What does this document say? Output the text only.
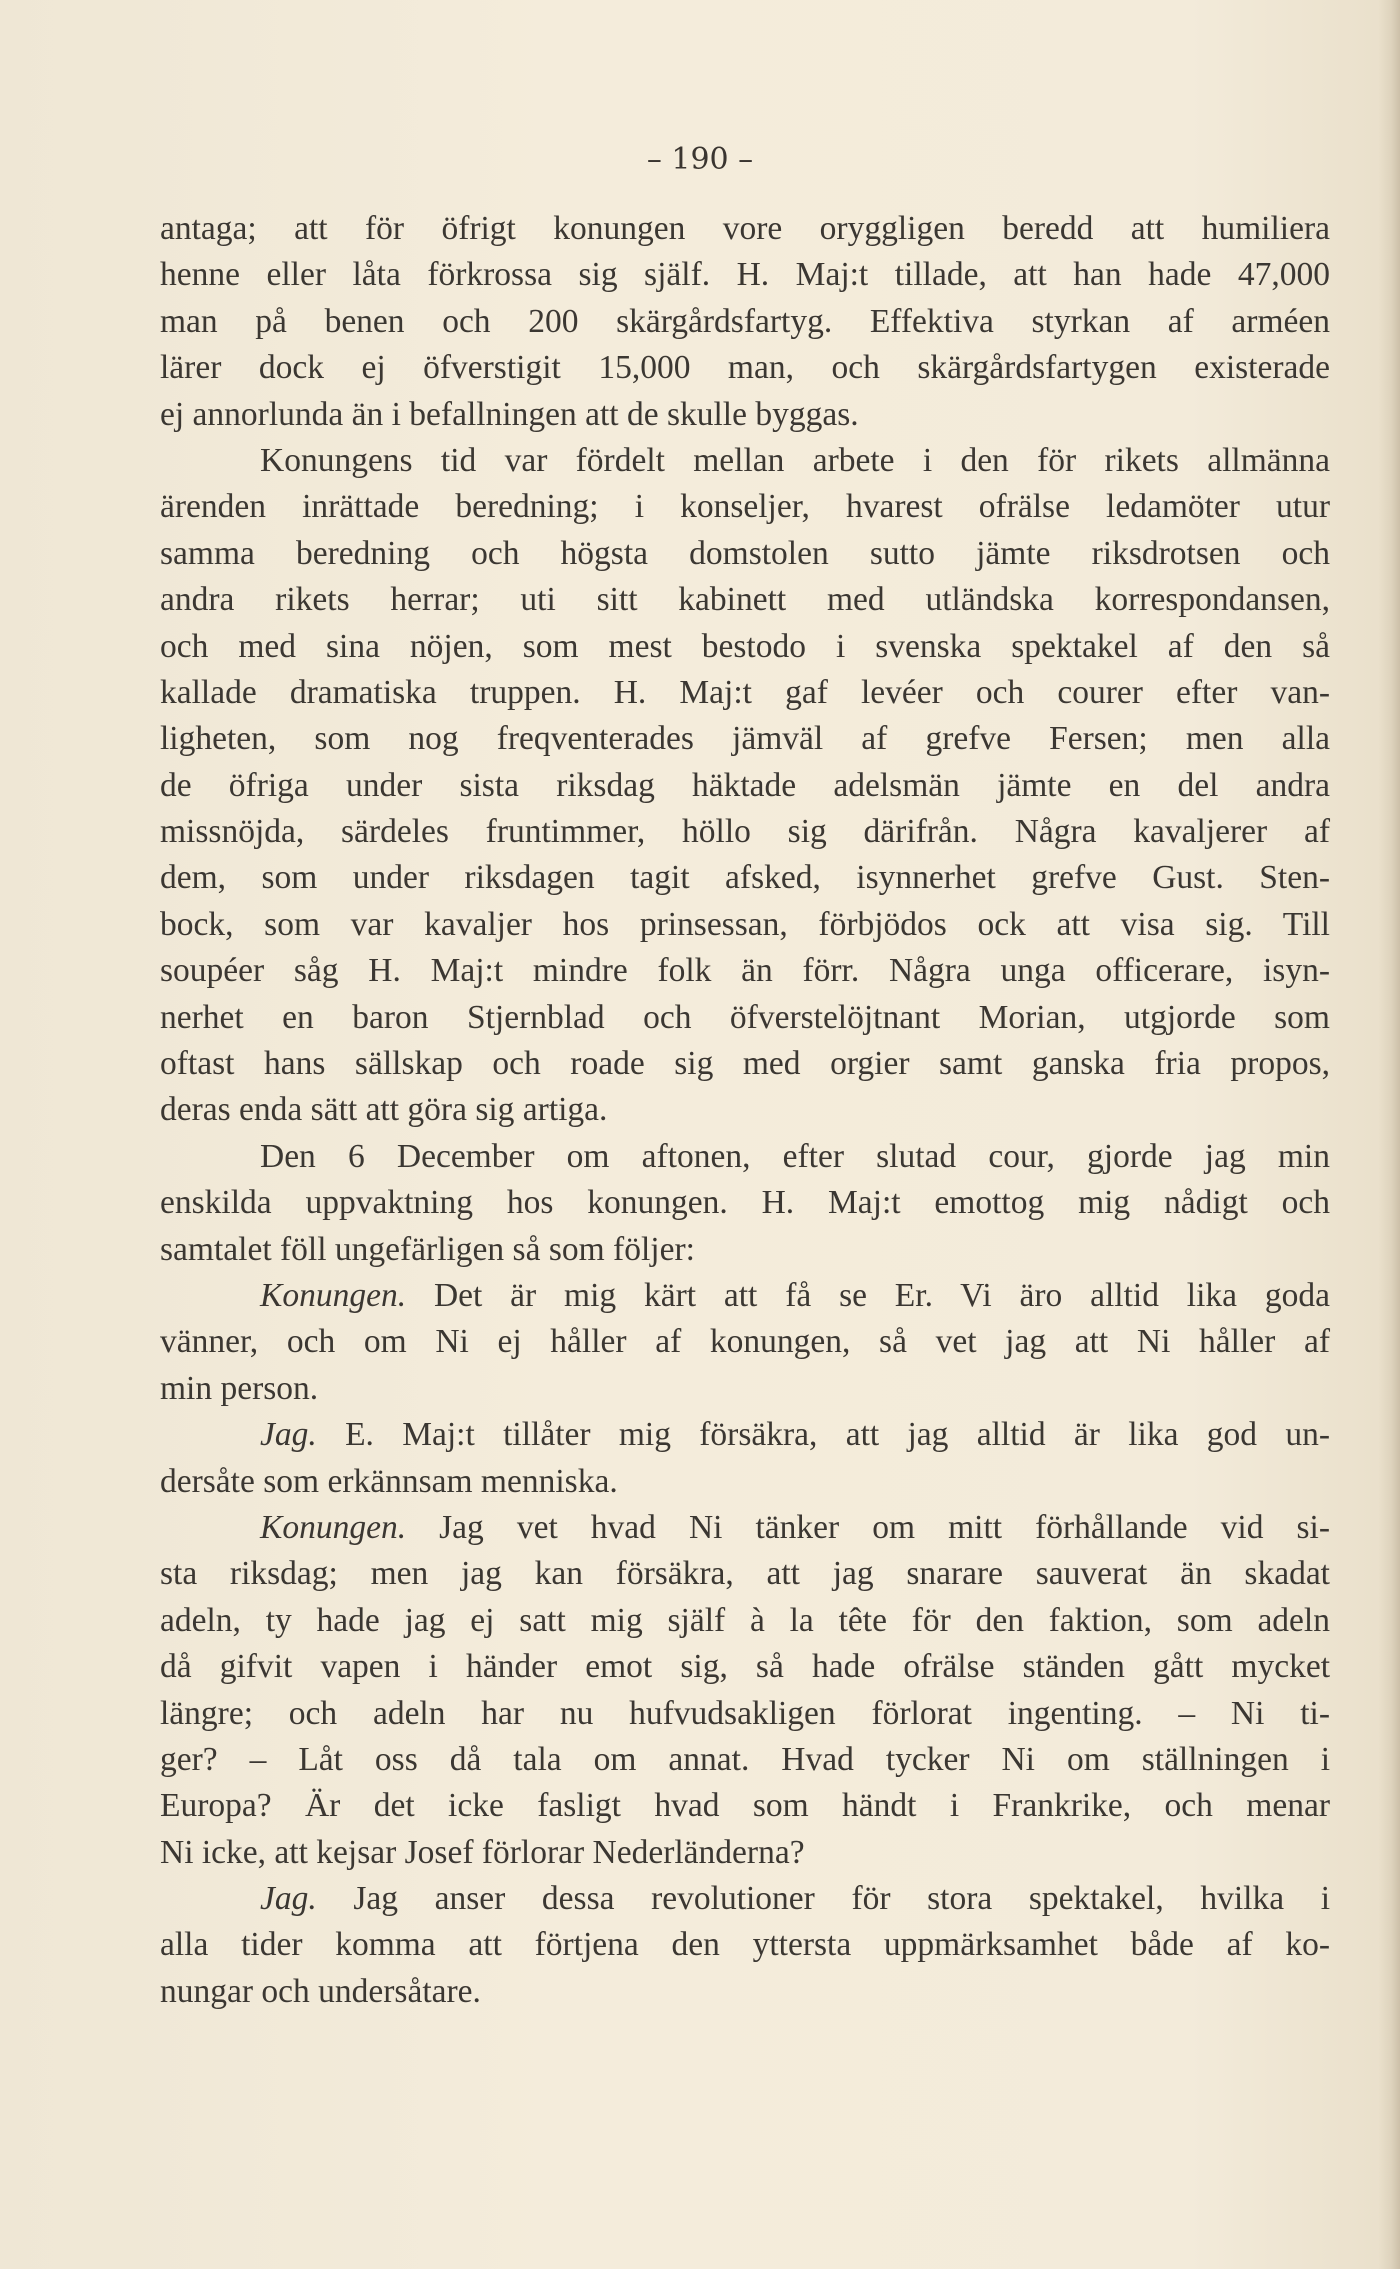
– 190 –
antaga; att för öfrigt konungen vore oryggligen beredd att humiliera
henne eller låta förkrossa sig själf. H. Maj:t tillade, att han hade 47,000
man på benen och 200 skärgårdsfartyg. Effektiva styrkan af arméen
lärer dock ej öfverstigit 15,000 man, och skärgårdsfartygen existerade
ej annorlunda än i befallningen att de skulle byggas.
Konungens tid var fördelt mellan arbete i den för rikets allmänna
ärenden inrättade beredning; i konseljer, hvarest ofrälse ledamöter utur
samma beredning och högsta domstolen sutto jämte riksdrotsen och
andra rikets herrar; uti sitt kabinett med utländska korrespondansen,
och med sina nöjen, som mest bestodo i svenska spektakel af den så
kallade dramatiska truppen. H. Maj:t gaf levéer och courer efter van-
ligheten, som nog freqventerades jämväl af grefve Fersen; men alla
de öfriga under sista riksdag häktade adelsmän jämte en del andra
missnöjda, särdeles fruntimmer, höllo sig därifrån. Några kavaljerer af
dem, som under riksdagen tagit afsked, isynnerhet grefve Gust. Sten-
bock, som var kavaljer hos prinsessan, förbjödos ock att visa sig. Till
soupéer såg H. Maj:t mindre folk än förr. Några unga officerare, isyn-
nerhet en baron Stjernblad och öfverstelöjtnant Morian, utgjorde som
oftast hans sällskap och roade sig med orgier samt ganska fria propos,
deras enda sätt att göra sig artiga.
Den 6 December om aftonen, efter slutad cour, gjorde jag min
enskilda uppvaktning hos konungen. H. Maj:t emottog mig nådigt och
samtalet föll ungefärligen så som följer:
Konungen. Det är mig kärt att få se Er. Vi äro alltid lika goda
vänner, och om Ni ej håller af konungen, så vet jag att Ni håller af
min person.
Jag. E. Maj:t tillåter mig försäkra, att jag alltid är lika god un-
dersåte som erkännsam menniska.
Konungen. Jag vet hvad Ni tänker om mitt förhållande vid si-
sta riksdag; men jag kan försäkra, att jag snarare sauverat än skadat
adeln, ty hade jag ej satt mig själf à la tête för den faktion, som adeln
då gifvit vapen i händer emot sig, så hade ofrälse ständen gått mycket
längre; och adeln har nu hufvudsakligen förlorat ingenting. – Ni ti-
ger? – Låt oss då tala om annat. Hvad tycker Ni om ställningen i
Europa? Är det icke fasligt hvad som händt i Frankrike, och menar
Ni icke, att kejsar Josef förlorar Nederländerna?
Jag. Jag anser dessa revolutioner för stora spektakel, hvilka i
alla tider komma att förtjena den yttersta uppmärksamhet både af ko-
nungar och undersåtare.
